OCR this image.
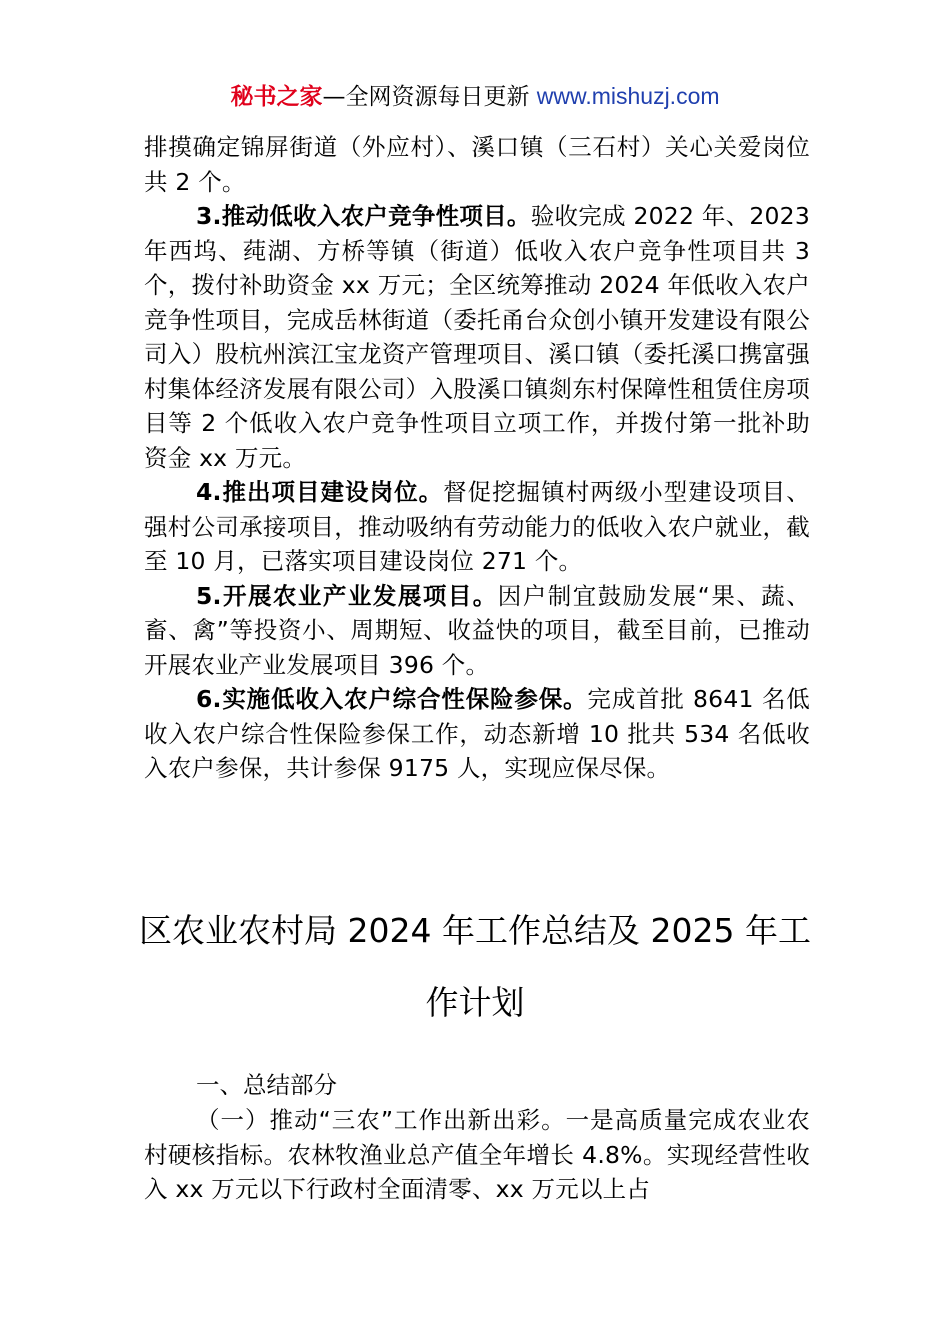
秘书之家—全网资源每日更新 www.mishuzj.com

排摸确定锦屏街道（外应村）、溪口镇（三石村）关心关爱岗位共 2 个。

3.推动低收入农户竞争性项目。验收完成 2022 年、2023 年西坞、莼湖、方桥等镇（街道）低收入农户竞争性项目共 3 个，拨付补助资金 xx 万元；全区统筹推动 2024 年低收入农户竞争性项目，完成岳林街道（委托甬台众创小镇开发建设有限公司入）股杭州滨江宝龙资产管理项目、溪口镇（委托溪口携富强村集体经济发展有限公司）入股溪口镇剡东村保障性租赁住房项目等 2 个低收入农户竞争性项目立项工作，并拨付第一批补助资金 xx 万元。

4.推出项目建设岗位。督促挖掘镇村两级小型建设项目、强村公司承接项目，推动吸纳有劳动能力的低收入农户就业，截至 10 月，已落实项目建设岗位 271 个。

5.开展农业产业发展项目。因户制宜鼓励发展“果、蔬、畜、禽”等投资小、周期短、收益快的项目，截至目前，已推动开展农业产业发展项目 396 个。

6.实施低收入农户综合性保险参保。完成首批 8641 名低收入农户综合性保险参保工作，动态新增 10 批共 534 名低收入农户参保，共计参保 9175 人，实现应保尽保。

区农业农村局 2024 年工作总结及 2025 年工
作计划
一、总结部分

（一）推动“三农”工作出新出彩。一是高质量完成农业农村硬核指标。农林牧渔业总产值全年增长 4.8%。实现经营性收入 xx 万元以下行政村全面清零、xx 万元以上占
